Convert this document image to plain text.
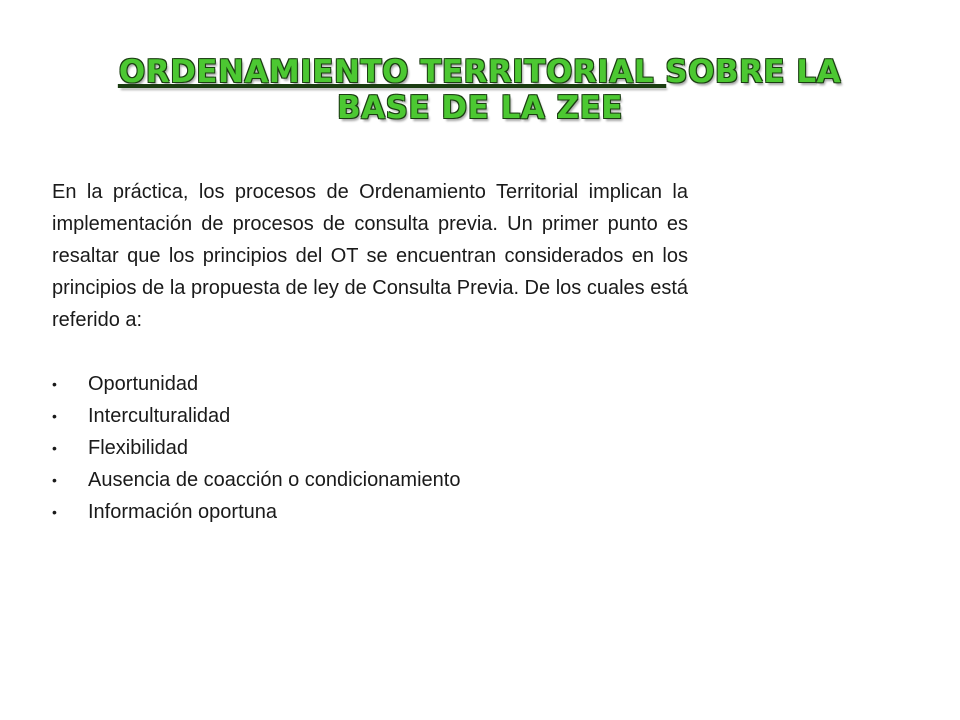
ORDENAMIENTO TERRITORIAL SOBRE LA
BASE DE LA ZEE

En la práctica, los procesos de Ordenamiento Territorial implican la implementación de procesos de consulta previa. Un primer punto es resaltar que los principios del OT se encuentran considerados en los principios de la propuesta de ley de Consulta Previa. De los cuales está referido a:

• Oportunidad
• Interculturalidad
• Flexibilidad
• Ausencia de coacción o condicionamiento
• Información oportuna
